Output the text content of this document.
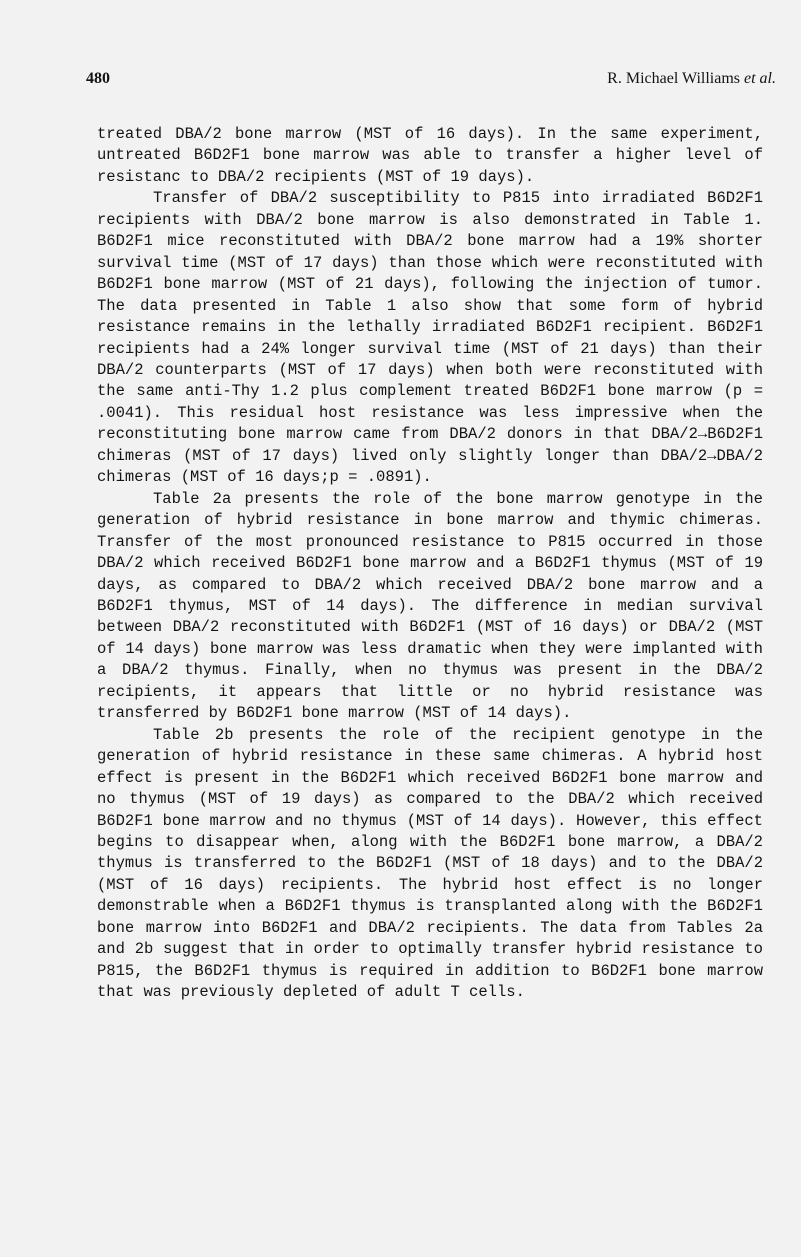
480	R. Michael Williams et al.

treated DBA/2 bone marrow (MST of 16 days). In the same experiment, untreated B6D2F1 bone marrow was able to transfer a higher level of resistanc to DBA/2 recipients (MST of 19 days).

Transfer of DBA/2 susceptibility to P815 into irradiated B6D2F1 recipients with DBA/2 bone marrow is also demonstrated in Table 1. B6D2F1 mice reconstituted with DBA/2 bone marrow had a 19% shorter survival time (MST of 17 days) than those which were reconstituted with B6D2F1 bone marrow (MST of 21 days), following the injection of tumor. The data presented in Table 1 also show that some form of hybrid resistance remains in the lethally irradiated B6D2F1 recipient. B6D2F1 recipients had a 24% longer survival time (MST of 21 days) than their DBA/2 counterparts (MST of 17 days) when both were reconstituted with the same anti-Thy 1.2 plus complement treated B6D2F1 bone marrow (p = .0041). This residual host resistance was less impressive when the reconstituting bone marrow came from DBA/2 donors in that DBA/2→B6D2F1 chimeras (MST of 17 days) lived only slightly longer than DBA/2→DBA/2 chimeras (MST of 16 days;p = .0891).

Table 2a presents the role of the bone marrow genotype in the generation of hybrid resistance in bone marrow and thymic chimeras. Transfer of the most pronounced resistance to P815 occurred in those DBA/2 which received B6D2F1 bone marrow and a B6D2F1 thymus (MST of 19 days, as compared to DBA/2 which received DBA/2 bone marrow and a B6D2F1 thymus, MST of 14 days). The difference in median survival between DBA/2 reconstituted with B6D2F1 (MST of 16 days) or DBA/2 (MST of 14 days) bone marrow was less dramatic when they were implanted with a DBA/2 thymus. Finally, when no thymus was present in the DBA/2 recipients, it appears that little or no hybrid resistance was transferred by B6D2F1 bone marrow (MST of 14 days).

Table 2b presents the role of the recipient genotype in the generation of hybrid resistance in these same chimeras. A hybrid host effect is present in the B6D2F1 which received B6D2F1 bone marrow and no thymus (MST of 19 days) as compared to the DBA/2 which received B6D2F1 bone marrow and no thymus (MST of 14 days). However, this effect begins to disappear when, along with the B6D2F1 bone marrow, a DBA/2 thymus is transferred to the B6D2F1 (MST of 18 days) and to the DBA/2 (MST of 16 days) recipients. The hybrid host effect is no longer demonstrable when a B6D2F1 thymus is transplanted along with the B6D2F1 bone marrow into B6D2F1 and DBA/2 recipients. The data from Tables 2a and 2b suggest that in order to optimally transfer hybrid resistance to P815, the B6D2F1 thymus is required in addition to B6D2F1 bone marrow that was previously depleted of adult T cells.
